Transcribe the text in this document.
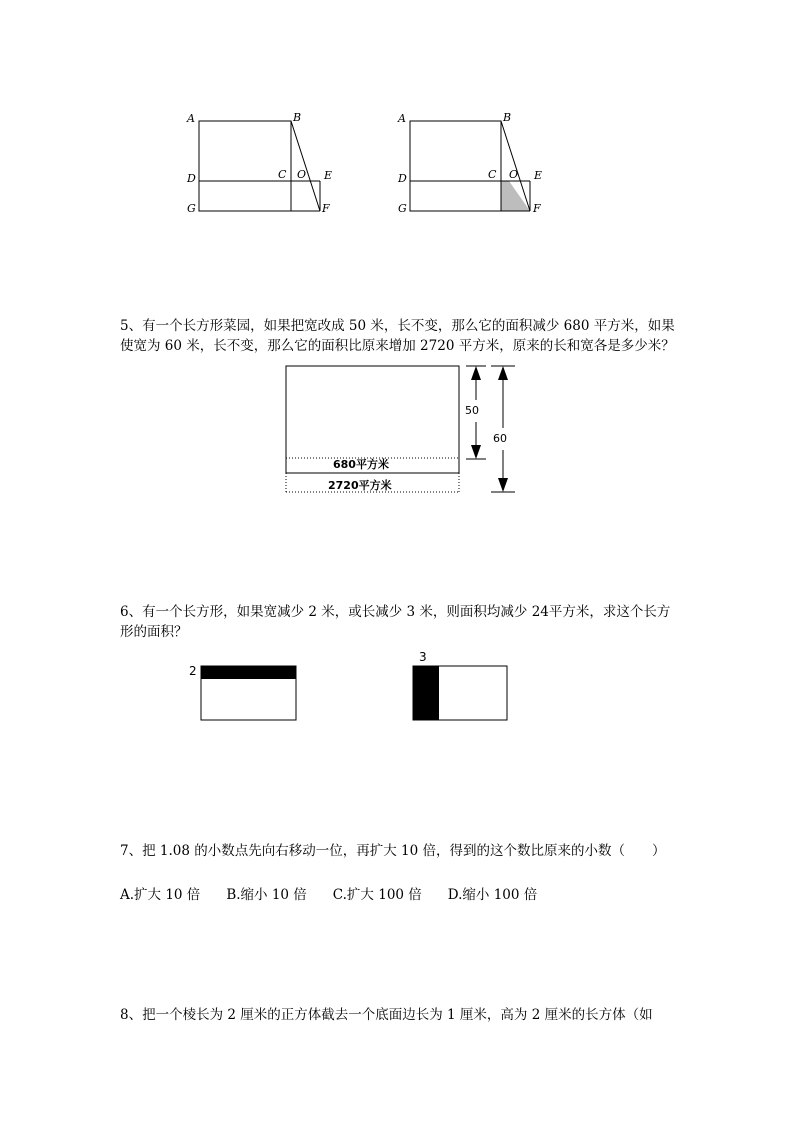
A	B
C O
D	E
G	F
A	B
C O
D	E
G	F
5、有一个长方形菜园，如果把宽改成 50 米，长不变，那么它的面积减少 680 平方米，如果
使宽为 60 米，长不变，那么它的面积比原来增加 2720 平方米，原来的长和宽各是多少米？
50
60
680平方米
2720平方米
6、有一个长方形，如果宽减少 2 米，或长减少 3 米，则面积均减少 24平方米，求这个长方
形的面积？
2
3
7、把 1.08 的小数点先向右移动一位，再扩大 10 倍，得到的这个数比原来的小数（　　）
A.扩大 10 倍 B.缩小 10 倍 C.扩大 100 倍 D.缩小 100 倍
8、把一个棱长为 2 厘米的正方体截去一个底面边长为 1 厘米，高为 2 厘米的长方体（如
